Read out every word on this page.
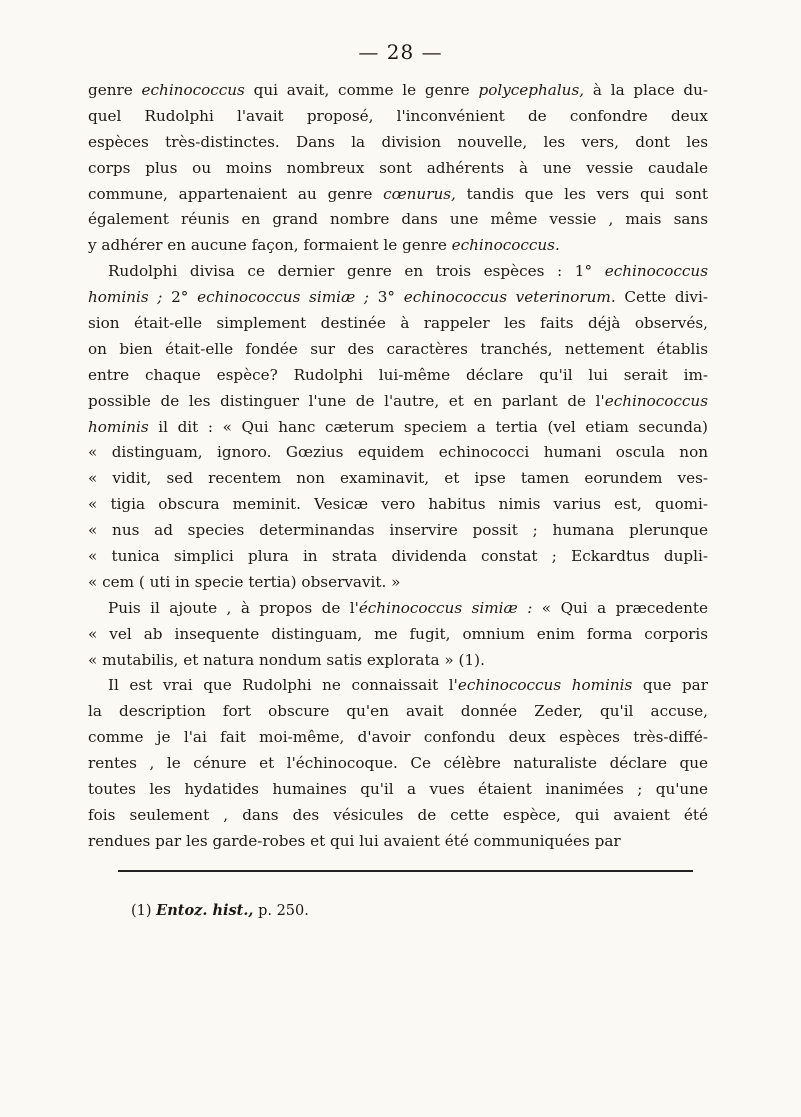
— 28 —
genre echinococcus qui avait, comme le genre polycephalus, à la place du-
quel Rudolphi l'avait proposé, l'inconvénient de confondre deux
espèces très-distinctes. Dans la division nouvelle, les vers, dont les
corps plus ou moins nombreux sont adhérents à une vessie caudale
commune, appartenaient au genre cœnurus, tandis que les vers qui sont
également réunis en grand nombre dans une même vessie , mais sans
y adhérer en aucune façon, formaient le genre echinococcus.
Rudolphi divisa ce dernier genre en trois espèces : 1° echinococcus
hominis ; 2° echinococcus simiæ ; 3° echinococcus veterinorum. Cette divi-
sion était-elle simplement destinée à rappeler les faits déjà observés,
on bien était-elle fondée sur des caractères tranchés, nettement établis
entre chaque espèce? Rudolphi lui-même déclare qu'il lui serait im-
possible de les distinguer l'une de l'autre, et en parlant de l'echinococcus
hominis il dit : « Qui hanc cæterum speciem a tertia (vel etiam secunda)
« distinguam, ignoro. Gœzius equidem echinococci humani oscula non
« vidit, sed recentem non examinavit, et ipse tamen eorundem ves-
« tigia obscura meminit. Vesicæ vero habitus nimis varius est, quomi-
« nus ad species determinandas inservire possit ; humana plerunque
« tunica simplici plura in strata dividenda constat ; Eckardtus dupli-
« cem ( uti in specie tertia) observavit. »
Puis il ajoute , à propos de l'échinococcus simiæ : « Qui a præcedente
« vel ab insequente distinguam, me fugit, omnium enim forma corporis
« mutabilis, et natura nondum satis explorata » (1).
Il est vrai que Rudolphi ne connaissait l'echinococcus hominis que par
la description fort obscure qu'en avait donnée Zeder, qu'il accuse,
comme je l'ai fait moi-même, d'avoir confondu deux espèces très-diffé-
rentes , le cénure et l'échinocoque. Ce célèbre naturaliste déclare que
toutes les hydatides humaines qu'il a vues étaient inanimées ; qu'une
fois seulement , dans des vésicules de cette espèce, qui avaient été
rendues par les garde-robes et qui lui avaient été communiquées par
(1) Entoz. hist., p. 250.
